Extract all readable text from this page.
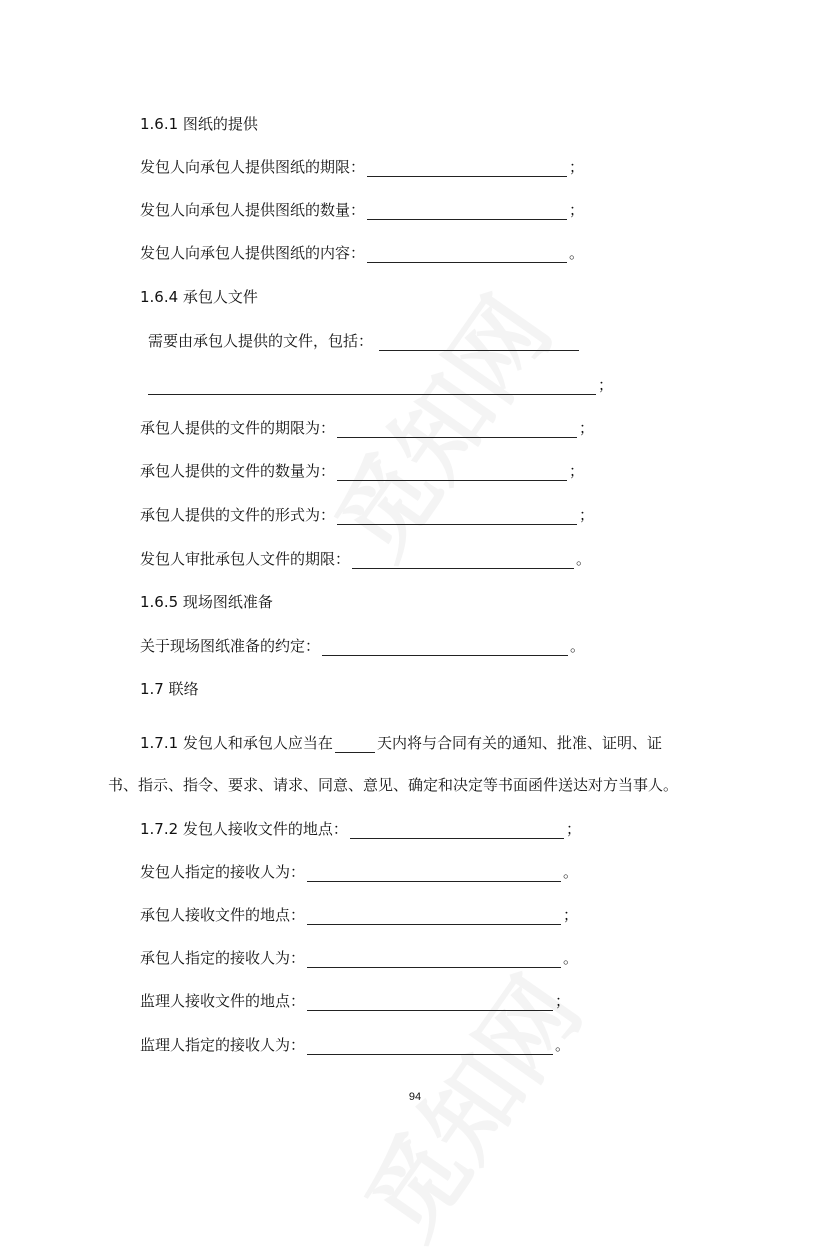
1.6.1 图纸的提供
发包人向承包人提供图纸的期限：	；
发包人向承包人提供图纸的数量：	；
发包人向承包人提供图纸的内容：	。
1.6.4 承包人文件
需要由承包人提供的文件，包括：
；
承包人提供的文件的期限为：	；
承包人提供的文件的数量为：	；
承包人提供的文件的形式为：	；
发包人审批承包人文件的期限：	。
1.6.5 现场图纸准备
关于现场图纸准备的约定：	。
1.7 联络
1.7.1 发包人和承包人应当在	天内将与合同有关的通知、批准、证明、证
书、指示、指令、要求、请求、同意、意见、确定和决定等书面函件送达对方当事人。
1.7.2 发包人接收文件的地点：	；
发包人指定的接收人为：	。
承包人接收文件的地点：	；
承包人指定的接收人为：	。
监理人接收文件的地点：	；
监理人指定的接收人为：	。
94
